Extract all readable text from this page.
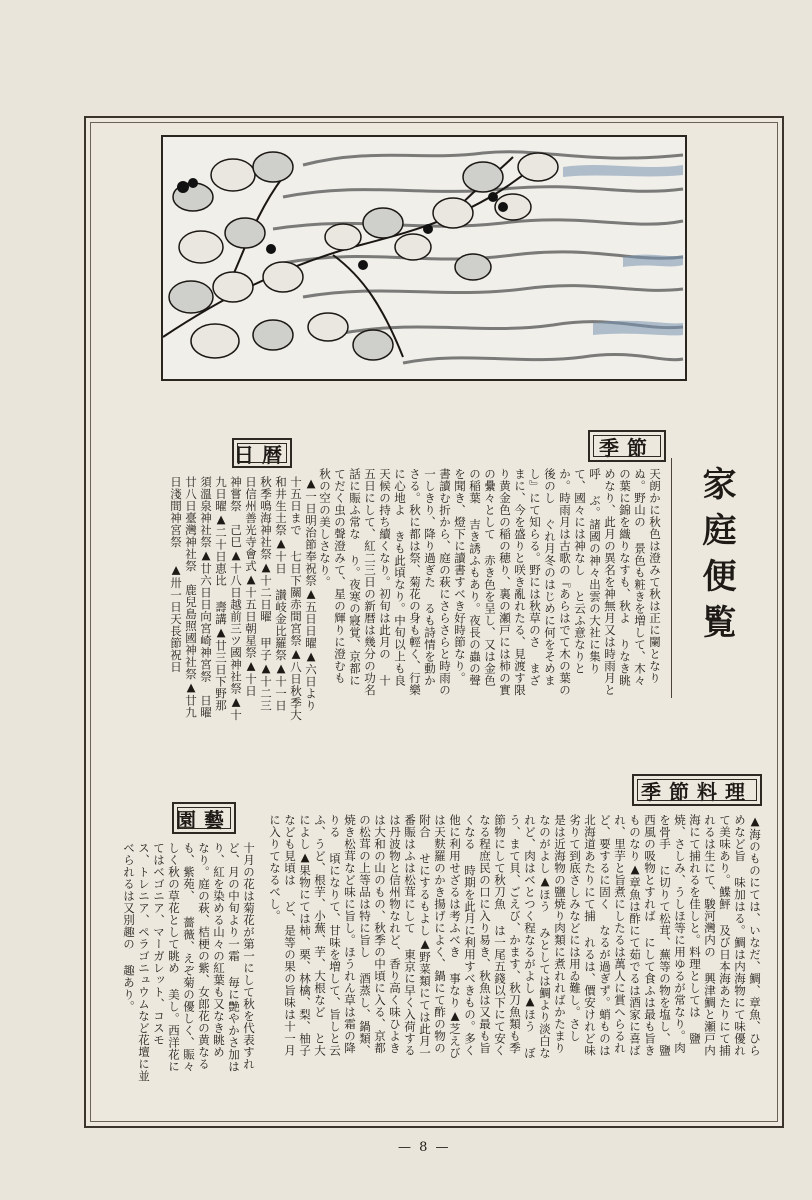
家庭便覧
季節
天朗かに秋色は澄みて秋は正に闌となりぬ。野山の 景色も粧きを増して、木々の葉に錦を織りなすも、秋よ りなき眺めなり、此月の異名を神無月又は時雨月と呼 ぶ。諸國の神々出雲の大社に集りて、國々には神なし と云ふ意なりとか。時雨月は古歌の『あらはでて木の葉の後のし ぐれ月冬のはじめに何をそめまし』にて知らる。野には秋草のさ まざまに、今を盛りと咲き亂れたる、見渡す限り黄金色の稲の穂り、裏の瀬戸には柿の實の纍々として 赤き色を呈し、又は金色の稲葉 吉き誘ふもあり。夜長の蟲の聲を聞き、燈下に讀書すべき好時節なり。 書讀む折から、庭の萩にさらさらと時雨の一しきり、降り過ぎた るも詩情を動かさる。秋に都は祭、菊花の身も輕く、行樂に心地よ きも此頃なり。中旬以上も良天候の持ち續くなり。初旬は此月の 十五日にして、紅二三日の新暦は幾分の功名話に賑ふ常な り。夜寒の寢覚、京都にてだく虫の聲澄みて、星の輝りに澄むも 秋の空の美しさなり。
日暦
▲一日明治節奉祝祭▲五日日曜▲六日より十五日まで 七日下關赤間宮祭▲八日秋季大和井生土祭▲十日 讃岐金比羅祭▲十一日秋季鳴海神社祭▲十二日曜 甲子▲十二三日信州善光寺會式▲十五日朝星祭▲十日 神嘗祭　己巳▲十八日越前三ツ國神社祭▲十九日曜▲二十日恵比 壽講▲廿三日下野那須溫泉神社祭▲廿六日日向宮崎神宮祭　日曜 廿八日臺灣神社祭　鹿兒島照國神社祭▲廿九日淺間神宮祭 ▲卅一日天長節祝日
季節料理
▲海のものにては、いなだ、鯛、章魚、ひらめなど旨 味加はる。鯛は内海物にて味優れて美味あり。鰈鮃 及び日本海あたりにて捕れるは生にて、駿河灣内の 興津鯛と瀬戸内海にて捕れるを佳しと。料理としては 鹽焼、さしみ、うしほ等に用ゆるが常なり。肉を骨手 に切りて松茸、蕪等の物を塩し、鹽西風の吸物とすれば にして食ふは最も旨きものなり▲章魚は酢にて茹でるは酒家に喜ば れ、里芋と旨煮にしたるは萬人に賞へらるれど、要するに固く なるが過ぎず。蛸ものは北海道あたりにて捕 れるは、價安けれど味劣りて到底さしみなどには用ゐ難し。さし 是は近海物の鹽焼り肉類に煮れればかたまりなのがよし▲ほう みとしては鯛より淡白なれど、肉はべとつく程なるがよし▲ほう ぼう、まて貝、ごえび、かます、秋刀魚類も季節物にして秋刀魚 は一尾五錢以下にて安くなる程庶民の口に入り易き、秋魚は又最も旨くなる 時期を此月に利用すべきもの。多く他に利用せざるは考ふべき 事なり▲芝えびは天麩羅のかき揚げによく、鍋にて酢の物の附合 せにするもよし▲野菜類にては此月一番賑はふは松茸にして 東京に早く入荷するは丹波物と信州物なれど、香り高く味ひよき は大和の山のもの、秋季の中頃に入る、京都の松茸の上等品は特に旨し 酒蒸し、鍋類、焼き松茸など味に旨し。ほうれん草は霜の降りる 頃になりて、甘味を増して、旨しと云ふ、うど、根芋、小蕪、芋、大根など と大によし▲果物にては柿、栗、林檎、梨、柚子なども見頃は ど、是等の果の旨味は十一月に入りてなるべし。
園藝
十月の花は菊花が第一にして秋を代表すれど、月の中旬より一霜 毎に艶やかさ加はり、紅を染める山々の紅葉も又なき眺め なり。庭の萩、桔梗の紫、女郎花の黄なるも、紫苑、 薔薇、えぞ菊の優しく、賑々しく秋の草花として眺め 美し。西洋花にてはベゴニア、マーガレット、コスモ ス、トレニア、ペラゴニュウムなど花壇に並べられるは又別趣の 趣あり。
— 8 —
